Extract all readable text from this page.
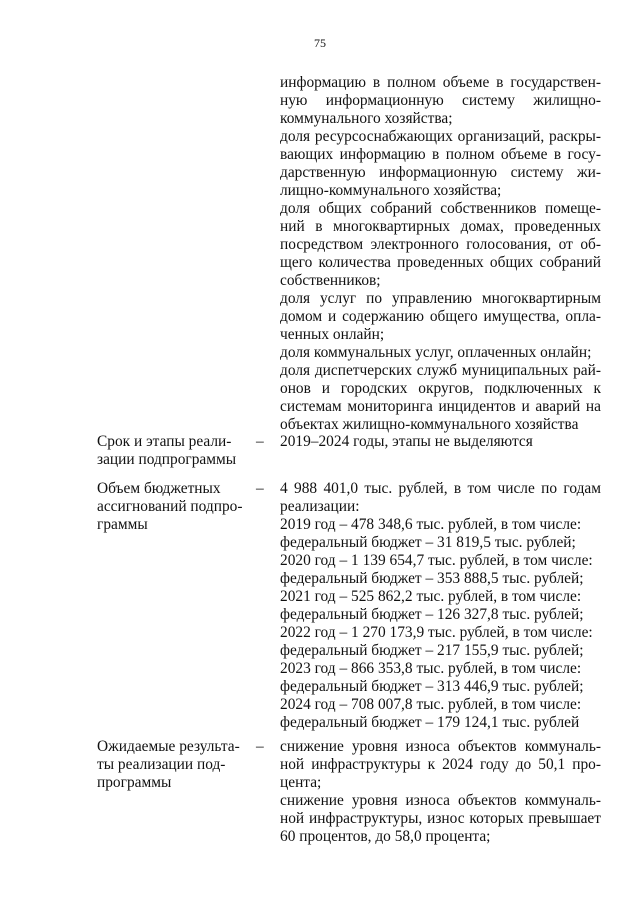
75
информацию в полном объеме в государствен-
ную информационную систему жилищно-
коммунального хозяйства;
доля ресурсоснабжающих организаций, раскры-
вающих информацию в полном объеме в госу-
дарственную информационную систему жи-
лищно-коммунального хозяйства;
доля общих собраний собственников помеще-
ний в многоквартирных домах, проведенных
посредством электронного голосования, от об-
щего количества проведенных общих собраний
собственников;
доля услуг по управлению многоквартирным
домом и содержанию общего имущества, опла-
ченных онлайн;
доля коммунальных услуг, оплаченных онлайн;
доля диспетчерских служб муниципальных рай-
онов и городских округов, подключенных к
системам мониторинга инцидентов и аварий на
объектах жилищно-коммунального хозяйства
Срок и этапы реали-
зации подпрограммы
– 2019–2024 годы, этапы не выделяются
Объем бюджетных
ассигнований подпро-
граммы
– 4 988 401,0 тыс. рублей, в том числе по годам
реализации:
2019 год – 478 348,6 тыс. рублей, в том числе:
федеральный бюджет – 31 819,5 тыс. рублей;
2020 год – 1 139 654,7 тыс. рублей, в том числе:
федеральный бюджет – 353 888,5 тыс. рублей;
2021 год – 525 862,2 тыс. рублей, в том числе:
федеральный бюджет – 126 327,8 тыс. рублей;
2022 год – 1 270 173,9 тыс. рублей, в том числе:
федеральный бюджет – 217 155,9 тыс. рублей;
2023 год – 866 353,8 тыс. рублей, в том числе:
федеральный бюджет – 313 446,9 тыс. рублей;
2024 год – 708 007,8 тыс. рублей, в том числе:
федеральный бюджет – 179 124,1 тыс. рублей
Ожидаемые результа-
ты реализации под-
программы
– снижение уровня износа объектов коммуналь-
ной инфраструктуры к 2024 году до 50,1 про-
цента;
снижение уровня износа объектов коммуналь-
ной инфраструктуры, износ которых превышает
60 процентов, до 58,0 процента;
